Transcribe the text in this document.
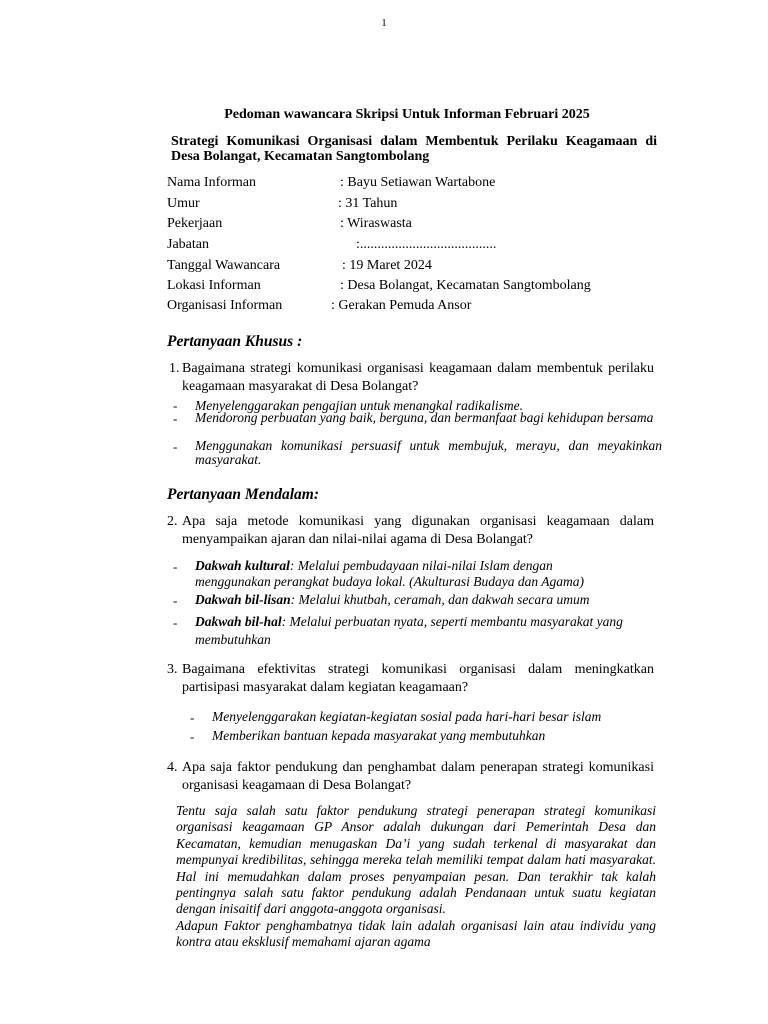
1
Pedoman wawancara Skripsi Untuk Informan Februari 2025
Strategi Komunikasi Organisasi dalam Membentuk Perilaku Keagamaan di Desa Bolangat, Kecamatan Sangtombolang
Nama Informan	: Bayu Setiawan Wartabone
Umur	: 31 Tahun
Pekerjaan	: Wiraswasta
Jabatan	:.......................................
Tanggal Wawancara	: 19 Maret 2024
Lokasi Informan	: Desa Bolangat, Kecamatan Sangtombolang
Organisasi Informan	: Gerakan Pemuda Ansor
Pertanyaan Khusus :
1. Bagaimana strategi komunikasi organisasi keagamaan dalam membentuk perilaku keagamaan masyarakat di Desa Bolangat?
- Menyelenggarakan pengajian untuk menangkal radikalisme.
- Mendorong perbuatan yang baik, berguna, dan bermanfaat bagi kehidupan bersama
- Menggunakan komunikasi persuasif untuk membujuk, merayu, dan meyakinkan masyarakat.
Pertanyaan Mendalam:
2. Apa saja metode komunikasi yang digunakan organisasi keagamaan dalam menyampaikan ajaran dan nilai-nilai agama di Desa Bolangat?
- Dakwah kultural: Melalui pembudayaan nilai-nilai Islam dengan
menggunakan perangkat budaya lokal. (Akulturasi Budaya dan Agama)
- Dakwah bil-lisan: Melalui khutbah, ceramah, dan dakwah secara umum
- Dakwah bil-hal: Melalui perbuatan nyata, seperti membantu masyarakat yang
membutuhkan
3. Bagaimana efektivitas strategi komunikasi organisasi dalam meningkatkan partisipasi masyarakat dalam kegiatan keagamaan?
- Menyelenggarakan kegiatan-kegiatan sosial pada hari-hari besar islam
- Memberikan bantuan kepada masyarakat yang membutuhkan
4. Apa saja faktor pendukung dan penghambat dalam penerapan strategi komunikasi organisasi keagamaan di Desa Bolangat?
Tentu saja salah satu faktor pendukung strategi penerapan strategi komunikasi organisasi keagamaan GP Ansor adalah dukungan dari Pemerintah Desa dan Kecamatan, kemudian menugaskan Da’i yang sudah terkenal di masyarakat dan mempunyai kredibilitas, sehingga mereka telah memiliki tempat dalam hati masyarakat. Hal ini memudahkan dalam proses penyampaian pesan. Dan terakhir tak kalah pentingnya salah satu faktor pendukung adalah Pendanaan untuk suatu kegiatan dengan inisaitif dari anggota-anggota organisasi.
Adapun Faktor penghambatnya tidak lain adalah organisasi lain atau individu yang kontra atau eksklusif memahami ajaran agama
